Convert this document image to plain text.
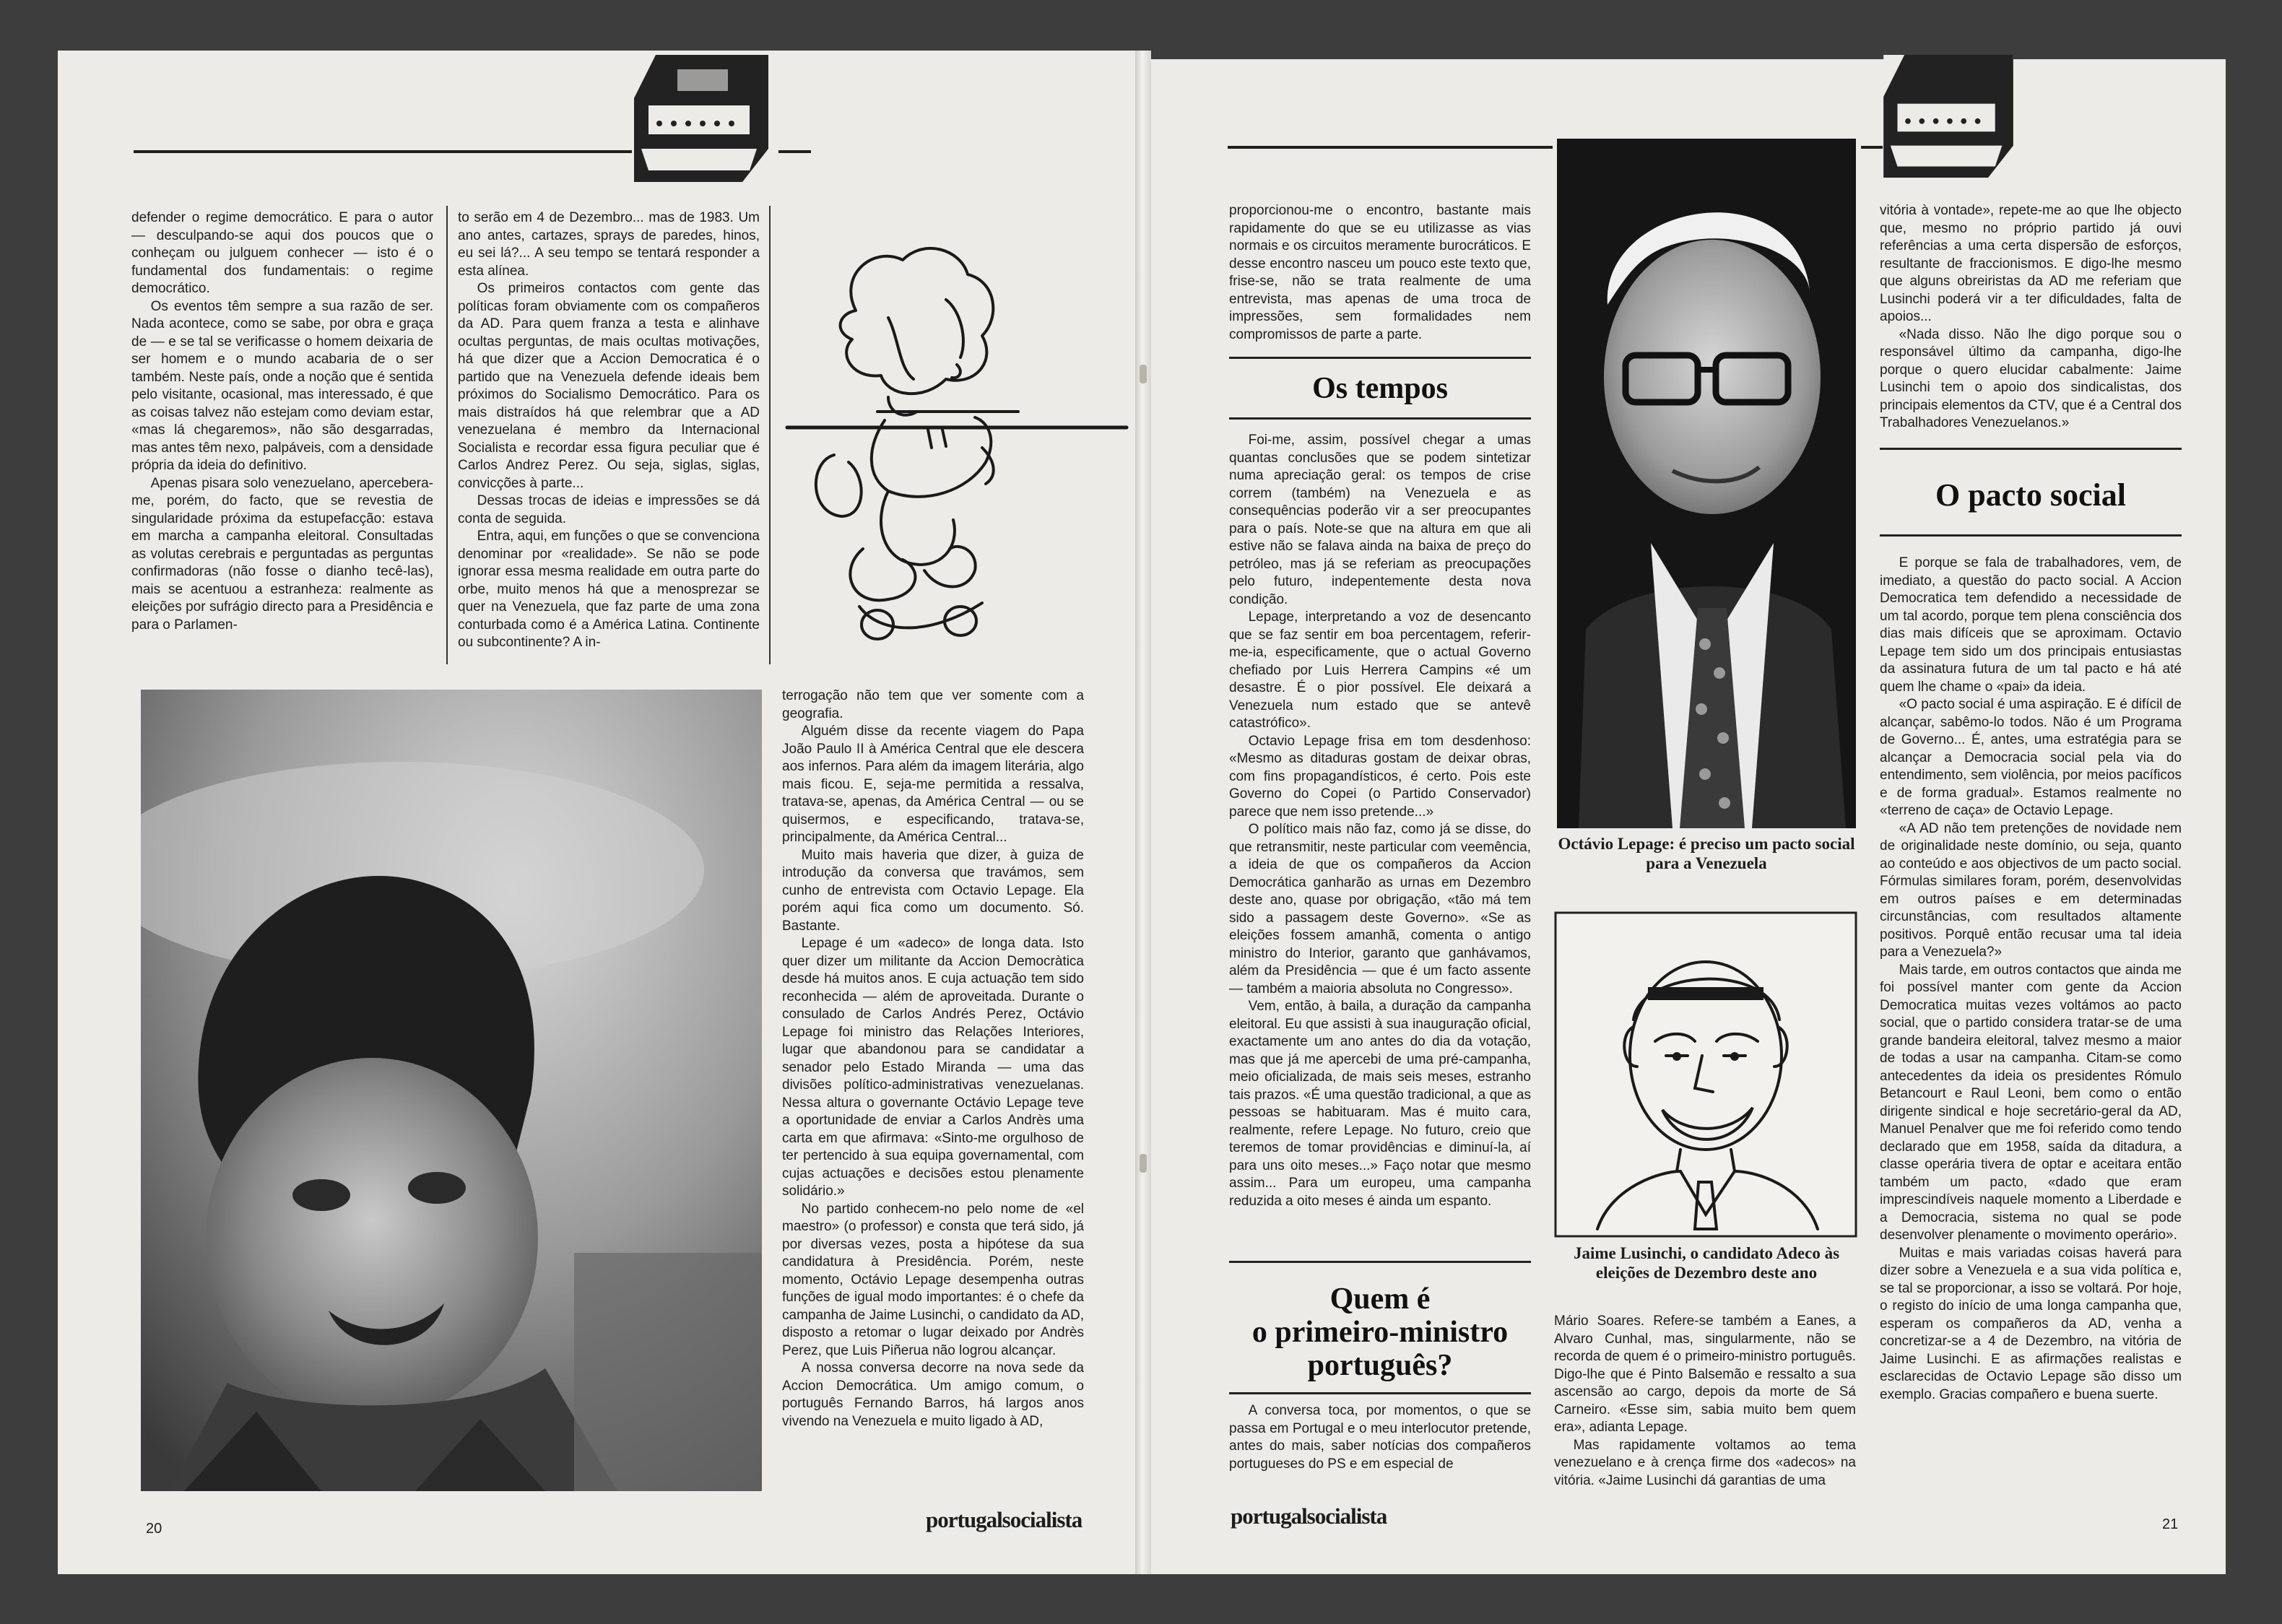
defender o regime democrático. E para o autor — desculpando-se aqui dos poucos que o conheçam ou julguem conhecer — isto é o fundamental dos fundamentais: o regime democrático.

Os eventos têm sempre a sua razão de ser. Nada acontece, como se sabe, por obra e graça de — e se tal se verificasse o homem deixaria de ser homem e o mundo acabaria de o ser também. Neste país, onde a noção que é sentida pelo visitante, ocasional, mas interessado, é que as coisas talvez não estejam como deviam estar, «mas lá chegaremos», não são desgarradas, mas antes têm nexo, palpáveis, com a densidade própria da ideia do definitivo.

Apenas pisara solo venezuelano, apercebera-me, porém, do facto, que se revestia de singularidade próxima da estupefacção: estava em marcha a campanha eleitoral. Consultadas as volutas cerebrais e perguntadas as perguntas confirmadoras (não fosse o dianho tecê-las), mais se acentuou a estranheza: realmente as eleições por sufrágio directo para a Presidência e para o Parlamen-

to serão em 4 de Dezembro... mas de 1983. Um ano antes, cartazes, sprays de paredes, hinos, eu sei lá?... A seu tempo se tentará responder a esta alínea.

Os primeiros contactos com gente das políticas foram obviamente com os compañeros da AD. Para quem franza a testa e alinhave ocultas perguntas, de mais ocultas motivações, há que dizer que a Accion Democratica é o partido que na Venezuela defende ideais bem próximos do Socialismo Democrático. Para os mais distraídos há que relembrar que a AD venezuelana é membro da Internacional Socialista e recordar essa figura peculiar que é Carlos Andrez Perez. Ou seja, siglas, siglas, convicções à parte...

Dessas trocas de ideias e impressões se dá conta de seguida.

Entra, aqui, em funções o que se convenciona denominar por «realidade». Se não se pode ignorar essa mesma realidade em outra parte do orbe, muito menos há que a menosprezar se quer na Venezuela, que faz parte de uma zona conturbada como é a América Latina. Continente ou subcontinente? A in-

terrogação não tem que ver somente com a geografia.

Alguém disse da recente viagem do Papa João Paulo II à América Central que ele descera aos infernos. Para além da imagem literária, algo mais ficou. E, seja-me permitida a ressalva, tratava-se, apenas, da América Central — ou se quisermos, e especificando, tratava-se, principalmente, da América Central...

Muito mais haveria que dizer, à guiza de introdução da conversa que travámos, sem cunho de entrevista com Octavio Lepage. Ela porém aqui fica como um documento. Só. Bastante.

Lepage é um «adeco» de longa data. Isto quer dizer um militante da Accion Democràtica desde há muitos anos. E cuja actuação tem sido reconhecida — além de aproveitada. Durante o consulado de Carlos Andrés Perez, Octávio Lepage foi ministro das Relações Interiores, lugar que abandonou para se candidatar a senador pelo Estado Miranda — uma das divisões político-administrativas venezuelanas. Nessa altura o governante Octávio Lepage teve a oportunidade de enviar a Carlos Andrès uma carta em que afirmava: «Sinto-me orgulhoso de ter pertencido à sua equipa governamental, com cujas actuações e decisões estou plenamente solidário.»

No partido conhecem-no pelo nome de «el maestro» (o professor) e consta que terá sido, já por diversas vezes, posta a hipótese da sua candidatura à Presidência. Porém, neste momento, Octávio Lepage desempenha outras funções de igual modo importantes: é o chefe da campanha de Jaime Lusinchi, o candidato da AD, disposto a retomar o lugar deixado por Andrès Perez, que Luis Piñerua não logrou alcançar.

A nossa conversa decorre na nova sede da Accion Democrática. Um amigo comum, o português Fernando Barros, há largos anos vivendo na Venezuela e muito ligado à AD,

20	portugalsocialista

proporcionou-me o encontro, bastante mais rapidamente do que se eu utilizasse as vias normais e os circuitos meramente burocráticos. E desse encontro nasceu um pouco este texto que, frise-se, não se trata realmente de uma entrevista, mas apenas de uma troca de impressões, sem formalidades nem compromissos de parte a parte.

Os tempos

Foi-me, assim, possível chegar a umas quantas conclusões que se podem sintetizar numa apreciação geral: os tempos de crise correm (também) na Venezuela e as consequências poderão vir a ser preocupantes para o país. Note-se que na altura em que ali estive não se falava ainda na baixa de preço do petróleo, mas já se referiam as preocupações pelo futuro, indepentemente desta nova condição.

Lepage, interpretando a voz de desencanto que se faz sentir em boa percentagem, referir-me-ia, especificamente, que o actual Governo chefiado por Luis Herrera Campins «é um desastre. É o pior possível. Ele deixará a Venezuela num estado que se antevê catastrófico».

Octavio Lepage frisa em tom desdenhoso: «Mesmo as ditaduras gostam de deixar obras, com fins propagandísticos, é certo. Pois este Governo do Copei (o Partido Conservador) parece que nem isso pretende...»

O político mais não faz, como já se disse, do que retransmitir, neste particular com veemência, a ideia de que os compañeros da Accion Democrática ganharão as urnas em Dezembro deste ano, quase por obrigação, «tão má tem sido a passagem deste Governo». «Se as eleições fossem amanhã, comenta o antigo ministro do Interior, garanto que ganhávamos, além da Presidência — que é um facto assente — também a maioria absoluta no Congresso».

Vem, então, à baila, a duração da campanha eleitoral. Eu que assisti à sua inauguração oficial, exactamente um ano antes do dia da votação, mas que já me apercebi de uma pré-campanha, meio oficializada, de mais seis meses, estranho tais prazos. «É uma questão tradicional, a que as pessoas se habituaram. Mas é muito cara, realmente, refere Lepage. No futuro, creio que teremos de tomar providências e diminuí-la, aí para uns oito meses...» Faço notar que mesmo assim... Para um europeu, uma campanha reduzida a oito meses é ainda um espanto.

Quem é
o primeiro-ministro
português?

A conversa toca, por momentos, o que se passa em Portugal e o meu interlocutor pretende, antes do mais, saber notícias dos compañeros portugueses do PS e em especial de

Octávio Lepage: é preciso um pacto social para a Venezuela
Jaime Lusinchi, o candidato Adeco às eleições de Dezembro deste ano

Mário Soares. Refere-se também a Eanes, a Alvaro Cunhal, mas, singularmente, não se recorda de quem é o primeiro-ministro português. Digo-lhe que é Pinto Balsemão e ressalto a sua ascensão ao cargo, depois da morte de Sá Carneiro. «Esse sim, sabia muito bem quem era», adianta Lepage.

Mas rapidamente voltamos ao tema venezuelano e à crença firme dos «adecos» na vitória. «Jaime Lusinchi dá garantias de uma

vitória à vontade», repete-me ao que lhe objecto que, mesmo no próprio partido já ouvi referências a uma certa dispersão de esforços, resultante de fraccionismos. E digo-lhe mesmo que alguns obreiristas da AD me referiam que Lusinchi poderá vir a ter dificuldades, falta de apoios...

«Nada disso. Não lhe digo porque sou o responsável último da campanha, digo-lhe porque o quero elucidar cabalmente: Jaime Lusinchi tem o apoio dos sindicalistas, dos principais elementos da CTV, que é a Central dos Trabalhadores Venezuelanos.»

O pacto social

E porque se fala de trabalhadores, vem, de imediato, a questão do pacto social. A Accion Democratica tem defendido a necessidade de um tal acordo, porque tem plena consciência dos dias mais difíceis que se aproximam. Octavio Lepage tem sido um dos principais entusiastas da assinatura futura de um tal pacto e há até quem lhe chame o «pai» da ideia.

«O pacto social é uma aspiração. E é difícil de alcançar, sabêmo-lo todos. Não é um Programa de Governo... É, antes, uma estratégia para se alcançar a Democracia social pela via do entendimento, sem violência, por meios pacíficos e de forma gradual». Estamos realmente no «terreno de caça» de Octavio Lepage.

«A AD não tem pretenções de novidade nem de originalidade neste domínio, ou seja, quanto ao conteúdo e aos objectivos de um pacto social. Fórmulas similares foram, porém, desenvolvidas em outros países e em determinadas circunstâncias, com resultados altamente positivos. Porquê então recusar uma tal ideia para a Venezuela?»

Mais tarde, em outros contactos que ainda me foi possível manter com gente da Accion Democratica muitas vezes voltámos ao pacto social, que o partido considera tratar-se de uma grande bandeira eleitoral, talvez mesmo a maior de todas a usar na campanha. Citam-se como antecedentes da ideia os presidentes Rómulo Betancourt e Raul Leoni, bem como o então dirigente sindical e hoje secretário-geral da AD, Manuel Penalver que me foi referido como tendo declarado que em 1958, saída da ditadura, a classe operária tivera de optar e aceitara então também um pacto, «dado que eram imprescindíveis naquele momento a Liberdade e a Democracia, sistema no qual se pode desenvolver plenamente o movimento operário».

Muitas e mais variadas coisas haverá para dizer sobre a Venezuela e a sua vida política e, se tal se proporcionar, a isso se voltará. Por hoje, o registo do início de uma longa campanha que, esperam os compañeros da AD, venha a concretizar-se a 4 de Dezembro, na vitória de Jaime Lusinchi. E as afirmações realistas e esclarecidas de Octavio Lepage são disso um exemplo. Gracias compañero e buena suerte.

portugalsocialista	21
